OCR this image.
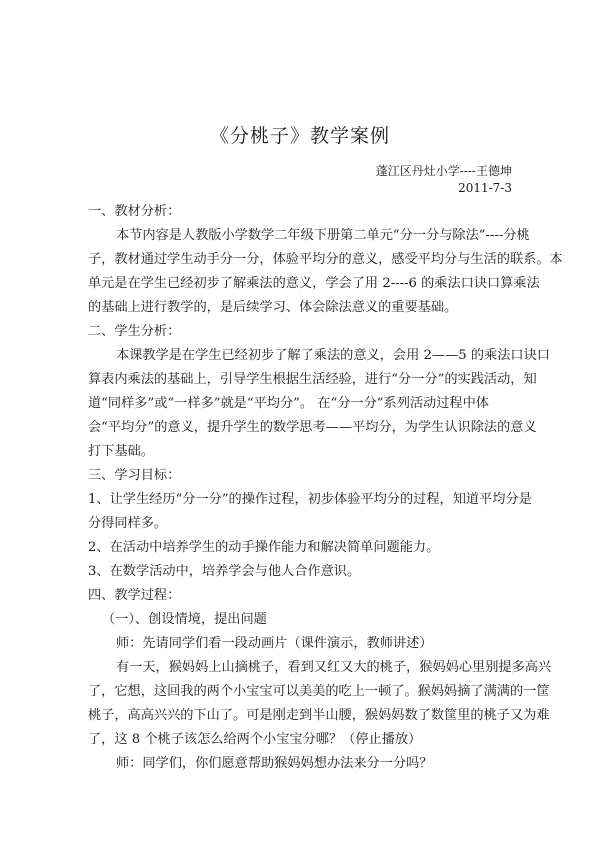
《分桃子》教学案例
蓬江区丹灶小学----王德坤
2011-7-3
一、教材分析：
本节内容是人教版小学数学二年级下册第二单元“分一分与除法”----分桃
子，教材通过学生动手分一分，体验平均分的意义，感受平均分与生活的联系。本
单元是在学生已经初步了解乘法的意义，学会了用 2----6 的乘法口诀口算乘法
的基础上进行教学的，是后续学习、体会除法意义的重要基础。
二、学生分析：
本课教学是在学生已经初步了解了乘法的意义，会用 2——5 的乘法口诀口
算表内乘法的基础上，引导学生根据生活经验，进行“分一分”的实践活动，知
道“同样多”或“一样多”就是“平均分”。 在“分一分”系列活动过程中体
会“平均分”的意义，提升学生的数学思考——平均分，为学生认识除法的意义
打下基础。
三、学习目标：
1、让学生经历“分一分”的操作过程，初步体验平均分的过程，知道平均分是
分得同样多。
2、在活动中培养学生的动手操作能力和解决简单问题能力。
3、在数学活动中，培养学会与他人合作意识。
四、教学过程：
（一）、创设情境，提出问题
师：先请同学们看一段动画片（课件演示，教师讲述）
有一天，猴妈妈上山摘桃子，看到又红又大的桃子，猴妈妈心里别提多高兴
了，它想，这回我的两个小宝宝可以美美的吃上一顿了。猴妈妈摘了满满的一筐
桃子，高高兴兴的下山了。可是刚走到半山腰，猴妈妈数了数筐里的桃子又为难
了，这 8 个桃子该怎么给两个小宝宝分哪？（停止播放）
师：同学们，你们愿意帮助猴妈妈想办法来分一分吗？
